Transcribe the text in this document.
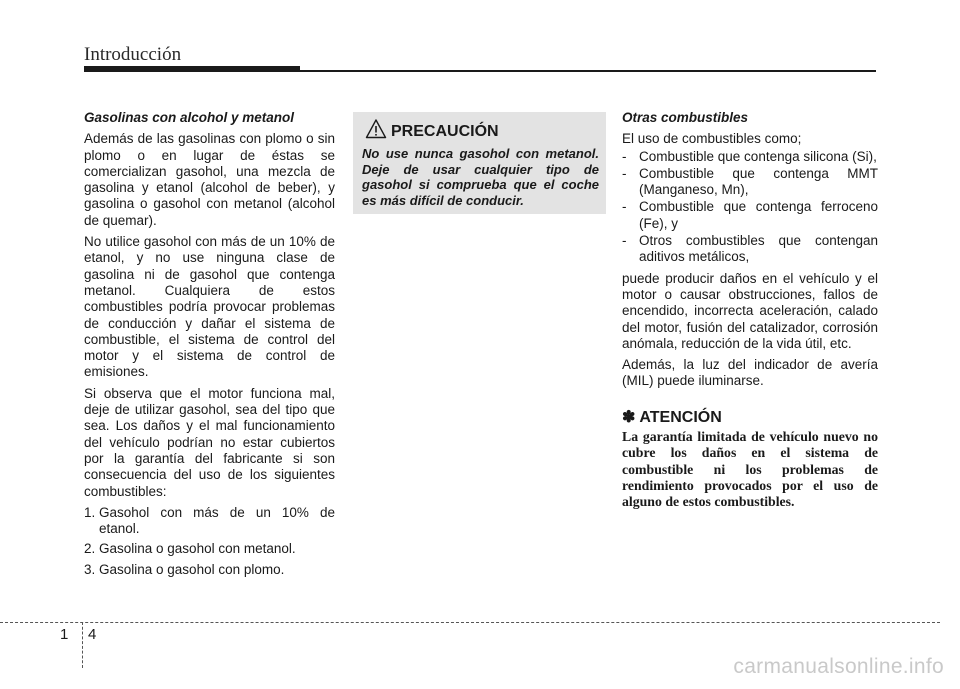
Introducción

Gasolinas con alcohol y metanol

Además de las gasolinas con plomo o sin plomo o en lugar de éstas se comercializan gasohol, una mezcla de gasolina y etanol (alcohol de beber), y gasolina o gasohol con metanol (alcohol de quemar).

No utilice gasohol con más de un 10% de etanol, y no use ninguna clase de gasolina ni de gasohol que contenga metanol. Cualquiera de estos combustibles podría provocar problemas de conducción y dañar el sistema de combustible, el sistema de control del motor y el sistema de control de emisiones.

Si observa que el motor funciona mal, deje de utilizar gasohol, sea del tipo que sea. Los daños y el mal funcionamiento del vehículo podrían no estar cubiertos por la garantía del fabricante si son consecuencia del uso de los siguientes combustibles:

1. Gasohol con más de un 10% de etanol.
2. Gasolina o gasohol con metanol.
3. Gasolina o gasohol con plomo.
PRECAUCIÓN
No use nunca gasohol con metanol. Deje de usar cualquier tipo de gasohol si comprueba que el coche es más difícil de conducir.

Otras combustibles

El uso de combustibles como;

- Combustible que contenga silicona (Si),
- Combustible que contenga MMT (Manganeso, Mn),
- Combustible que contenga ferroceno (Fe), y
- Otros combustibles que contengan aditivos metálicos,

puede producir daños en el vehículo y el motor o causar obstrucciones, fallos de encendido, incorrecta aceleración, calado del motor, fusión del catalizador, corrosión anómala, reducción de la vida útil, etc.

Además, la luz del indicador de avería (MIL) puede iluminarse.

✽ ATENCIÓN

La garantía limitada de vehículo nuevo no cubre los daños en el sistema de combustible ni los problemas de rendimiento provocados por el uso de alguno de estos combustibles.

1 4
carmanualsonline.info
